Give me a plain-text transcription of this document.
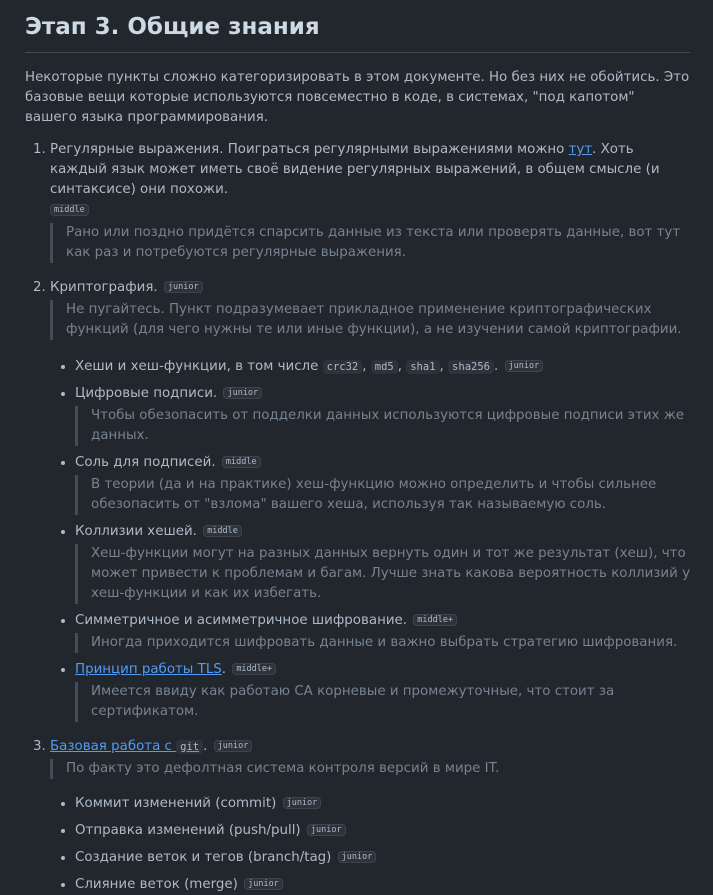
Этап 3. Общие знания

Некоторые пункты сложно категоризировать в этом документе. Но без них не обойтись. Это базовые вещи которые используются повсеместно в коде, в системах, "под капотом" вашего языка программирования.

1. Регулярные выражения. Поиграться регулярными выражениями можно тут. Хоть каждый язык может иметь своё видение регулярных выражений, в общем смысле (и синтаксисе) они похожи.
middle
Рано или поздно придётся спарсить данные из текста или проверять данные, вот тут как раз и потребуются регулярные выражения.
2. Криптография. junior
Не пугайтесь. Пункт подразумевает прикладное применение криптографических функций (для чего нужны те или иные функции), а не изучении самой криптографии.
• Хеши и хеш-функции, в том числе crc32 , md5 , sha1 , sha256 . junior
• Цифровые подписи. junior
Чтобы обезопасить от подделки данных используются цифровые подписи этих же данных.
• Соль для подписей. middle
В теории (да и на практике) хеш-функцию можно определить и чтобы сильнее обезопасить от "взлома" вашего хеша, используя так называемую соль.
• Коллизии хешей. middle
Хеш-функции могут на разных данных вернуть один и тот же результат (хеш), что может привести к проблемам и багам. Лучше знать какова вероятность коллизий у хеш-функции и как их избегать.
• Симметричное и асимметричное шифрование. middle+
Иногда приходится шифровать данные и важно выбрать стратегию шифрования.
• Принцип работы TLS. middle+
Имеется ввиду как работаю CA корневые и промежуточные, что стоит за сертификатом.
3. Базовая работа с git . junior
По факту это дефолтная система контроля версий в мире IT.
• Коммит изменений (commit) junior
• Отправка изменений (push/pull) junior
• Создание веток и тегов (branch/tag) junior
• Слияние веток (merge) junior
